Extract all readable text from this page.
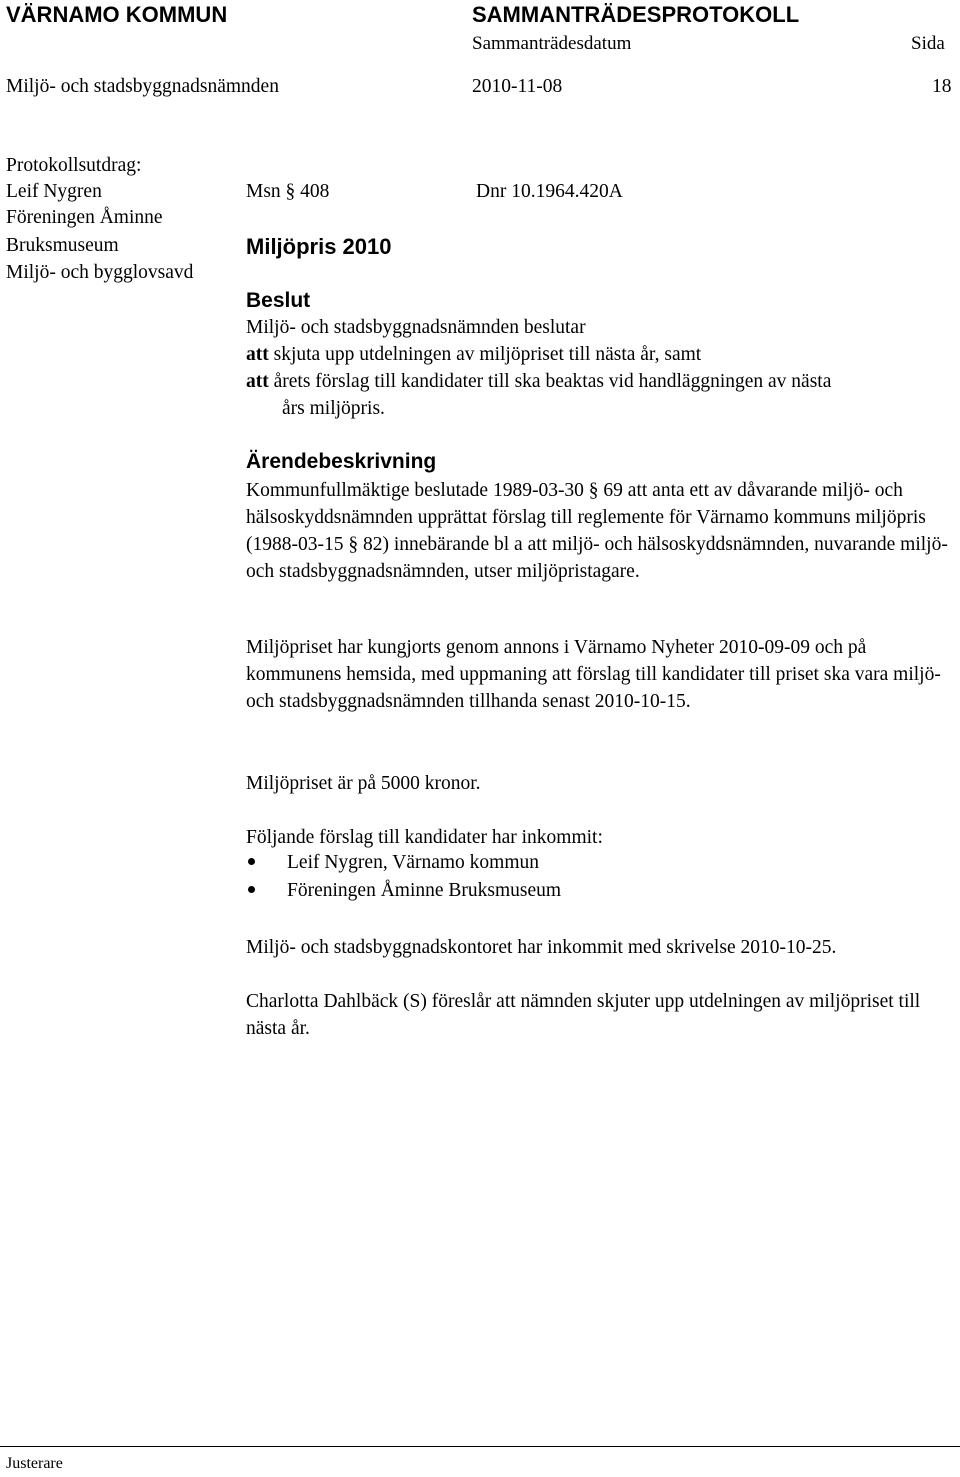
VÄRNAMO KOMMUN	SAMMANTRÄDESPROTOKOLL
Sammanträdesdatum	Sida
Miljö- och stadsbyggnadsnämnden	2010-11-08	18
Protokollsutdrag:
Leif Nygren
Föreningen Åminne
Bruksmuseum
Miljö- och bygglovsavd
Msn § 408	Dnr 10.1964.420A
Miljöpris 2010
Beslut
Miljö- och stadsbyggnadsnämnden beslutar
att skjuta upp utdelningen av miljöpriset till nästa år, samt
att årets förslag till kandidater till ska beaktas vid handläggningen av nästa
års miljöpris.
Ärendebeskrivning

Kommunfullmäktige beslutade 1989-03-30 § 69 att anta ett av dåvarande miljö- och hälsoskyddsnämnden upprättat förslag till reglemente för Värnamo kommuns miljöpris (1988-03-15 § 82) innebärande bl a att miljö- och hälsoskyddsnämnden, nuvarande miljö- och stadsbyggnadsnämnden, utser miljöpristagare.

Miljöpriset har kungjorts genom annons i Värnamo Nyheter 2010-09-09 och på kommunens hemsida, med uppmaning att förslag till kandidater till priset ska vara miljö- och stadsbyggnadsnämnden tillhanda senast 2010-10-15.

Miljöpriset är på 5000 kronor.

Följande förslag till kandidater har inkommit:

Leif Nygren, Värnamo kommun
Föreningen Åminne Bruksmuseum

Miljö- och stadsbyggnadskontoret har inkommit med skrivelse 2010-10-25.

Charlotta Dahlbäck (S) föreslår att nämnden skjuter upp utdelningen av miljöpriset till nästa år.

Justerare
